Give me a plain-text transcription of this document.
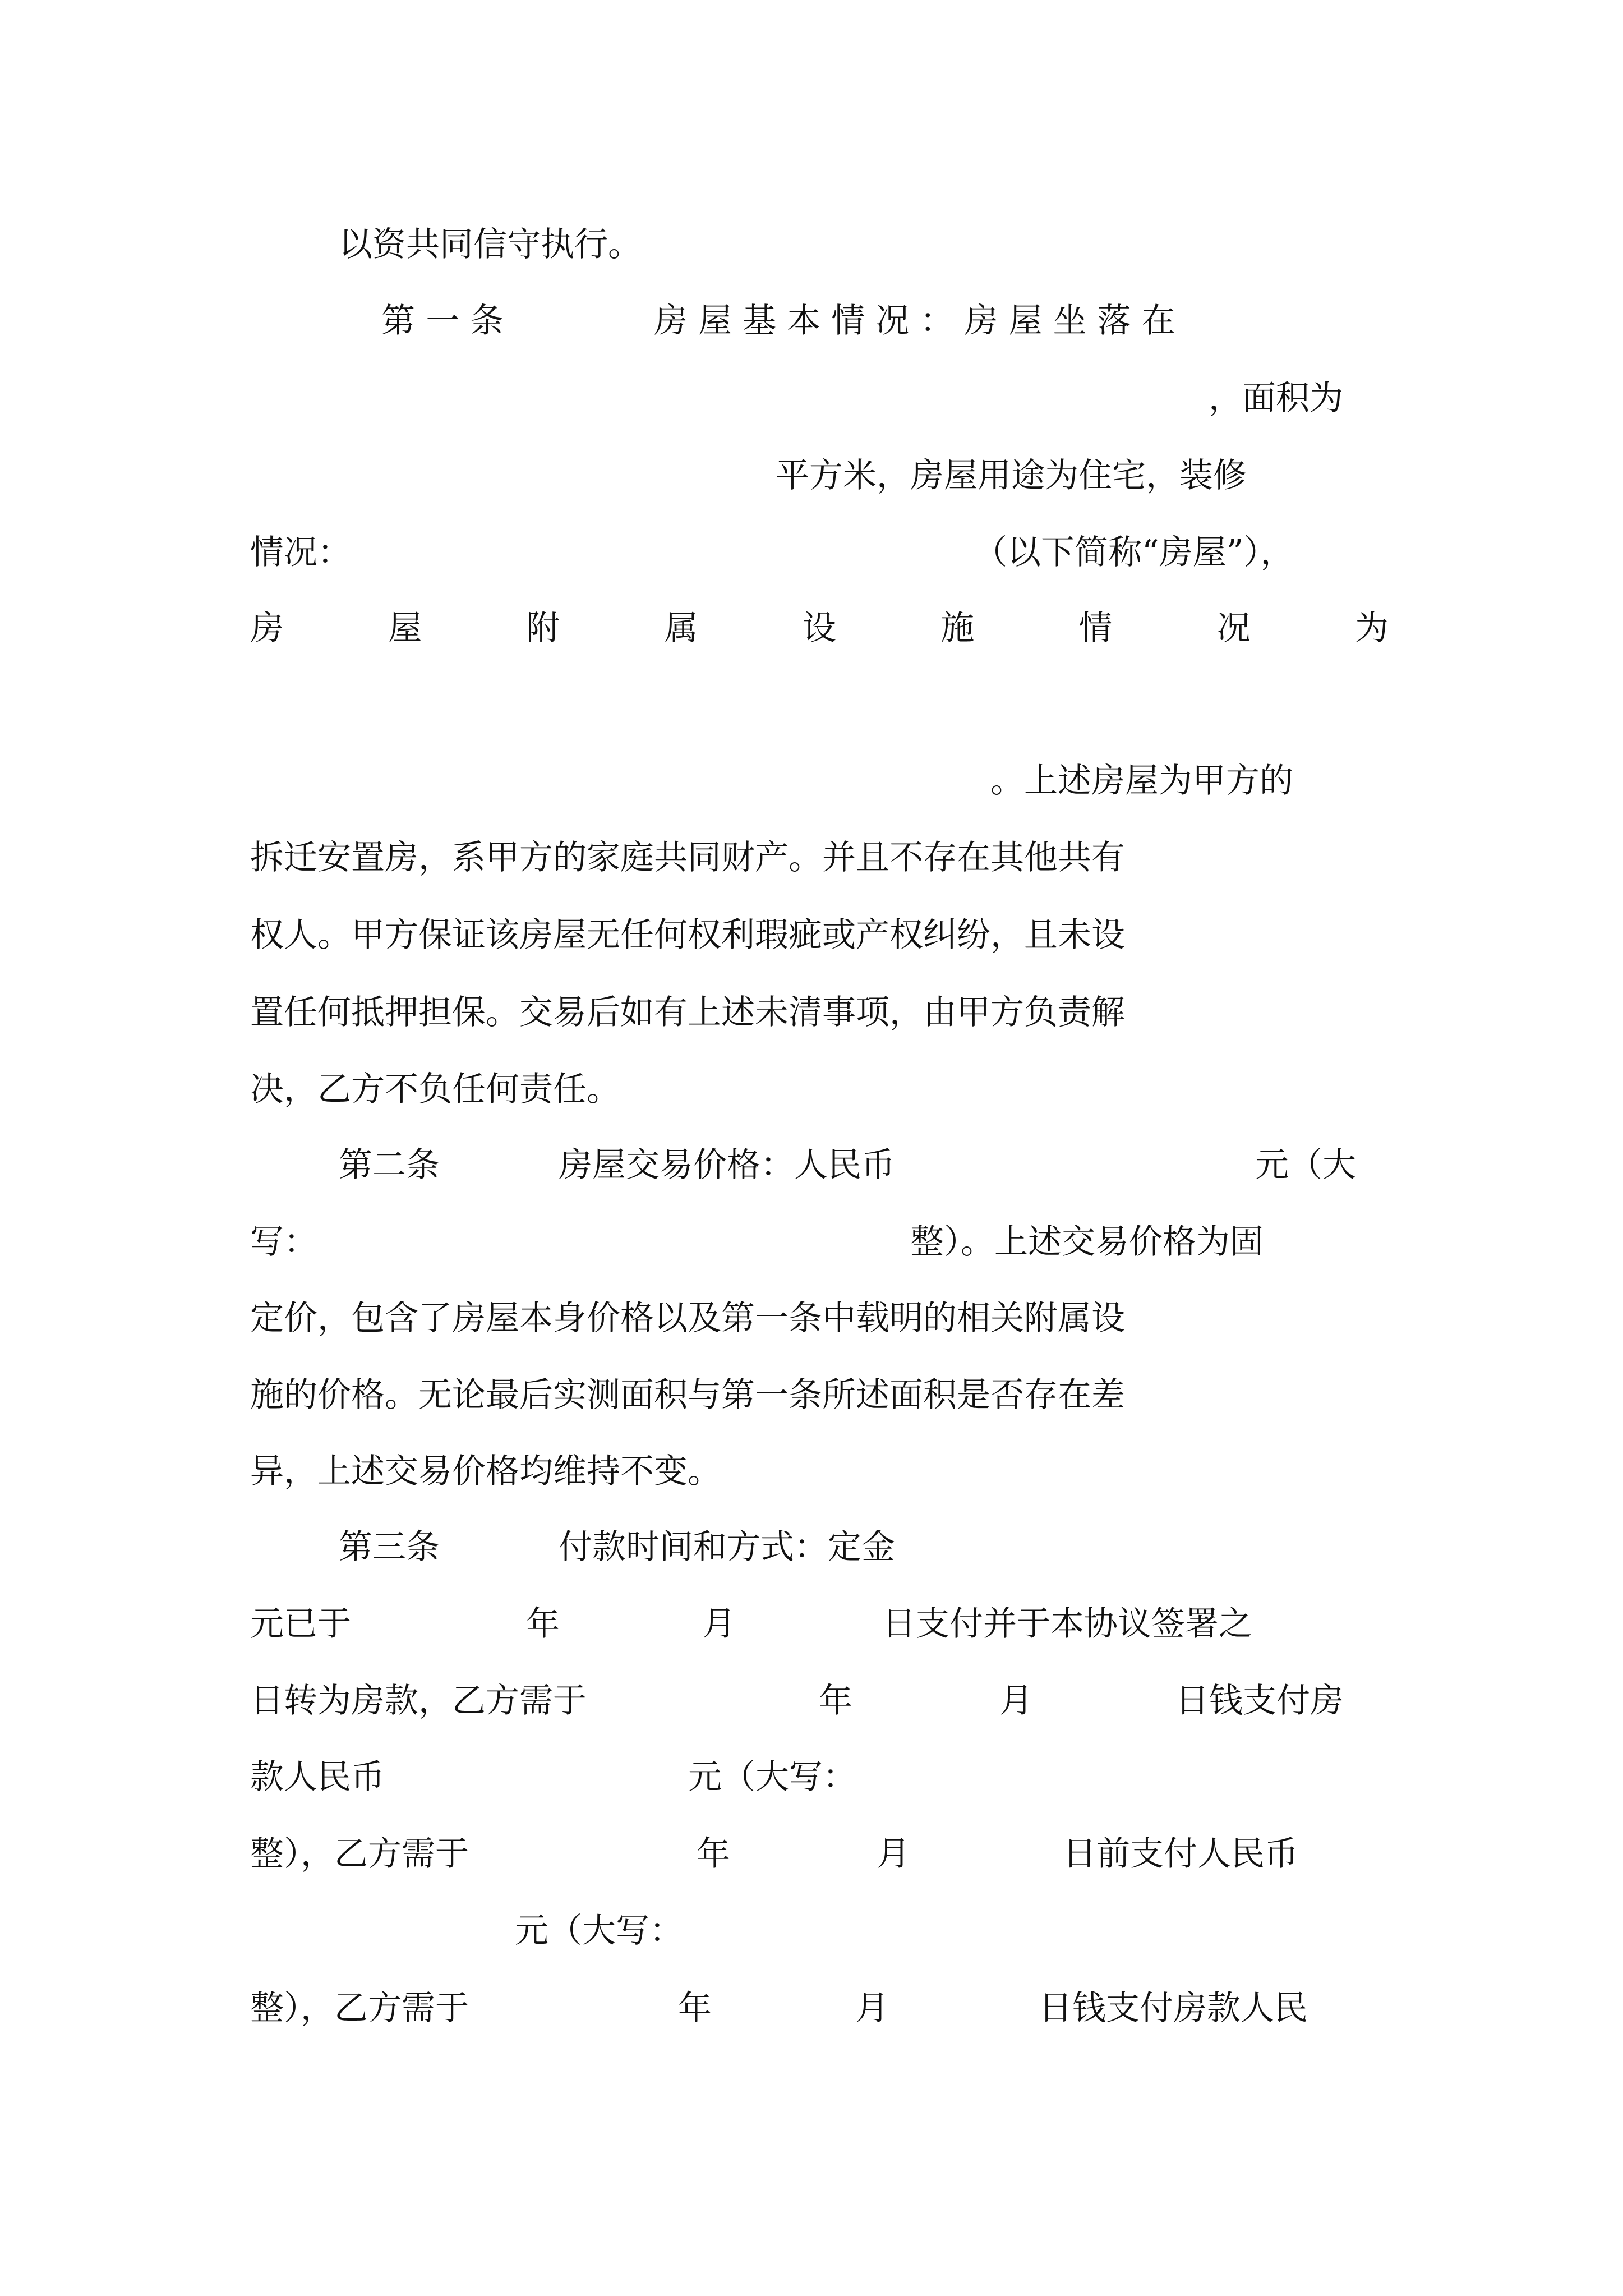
以资共同信守执行。

第 一 条	房 屋 基 本 情 况 ： 房 屋 坐 落 在

，面积为

平方米，房屋用途为住宅，装修

情况：	（以下简称“房屋”），

房	屋	附	属	设	施	情	况	为

。上述房屋为甲方的

拆迁安置房，系甲方的家庭共同财产。并且不存在其他共有

权人。甲方保证该房屋无任何权利瑕疵或产权纠纷，且未设

置任何抵押担保。交易后如有上述未清事项，由甲方负责解

决，乙方不负任何责任。

第二条	房屋交易价格：人民币	元（大

写：	整）。上述交易价格为固

定价，包含了房屋本身价格以及第一条中载明的相关附属设

施的价格。无论最后实测面积与第一条所述面积是否存在差

异，上述交易价格均维持不变。

第三条	付款时间和方式：定金

元已于	年	月	日支付并于本协议签署之

日转为房款，乙方需于	年	月	日钱支付房

款人民币	元（大写：

整），乙方需于	年	月	日前支付人民币

元（大写：

整），乙方需于	年	月	日钱支付房款人民
